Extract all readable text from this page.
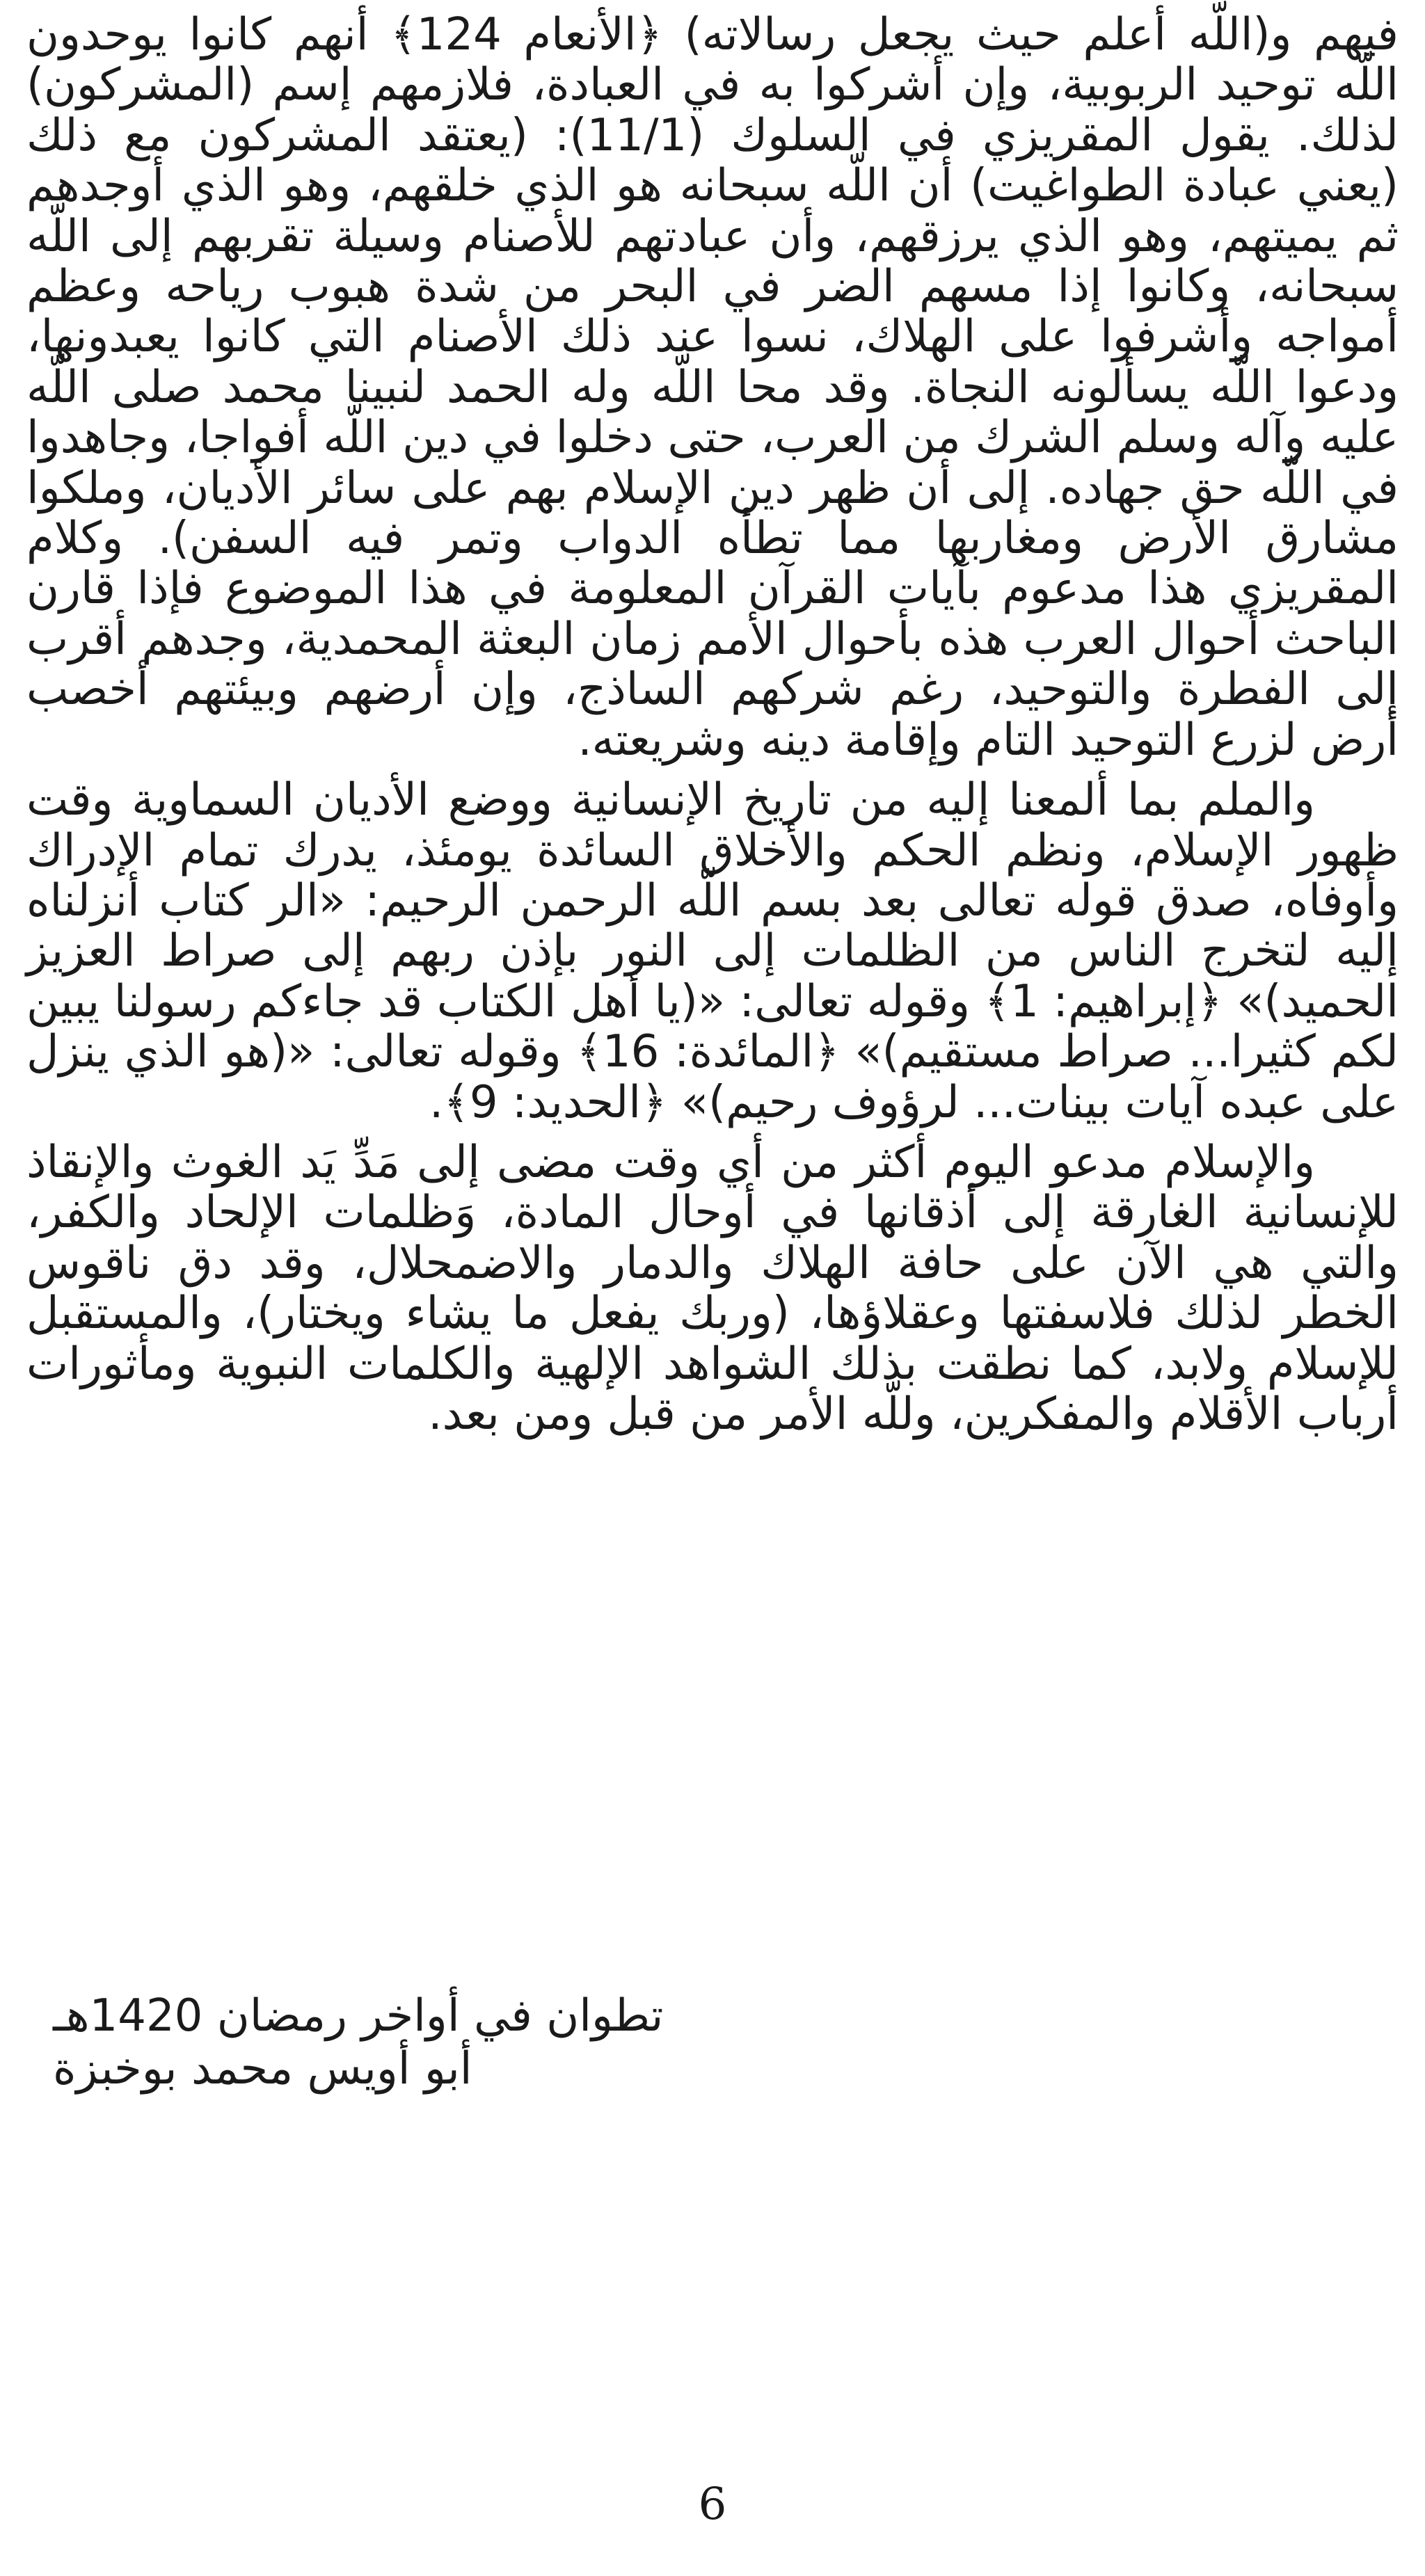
فيهم و(اللّه أعلم حيث يجعل رسالاته) ﴿الأنعام 124﴾ أنهم كانوا يوحدون اللّه توحيد الربوبية، وإن أشركوا به في العبادة، فلازمهم إسم (المشركون) لذلك. يقول المقريزي في السلوك (11/1): (يعتقد المشركون مع ذلك (يعني عبادة الطواغيت) أن اللّه سبحانه هو الذي خلقهم، وهو الذي أوجدهم ثم يميتهم، وهو الذي يرزقهم، وأن عبادتهم للأصنام وسيلة تقربهم إلى اللّه سبحانه، وكانوا إذا مسهم الضر في البحر من شدة هبوب رياحه وعظم أمواجه وأشرفوا على الهلاك، نسوا عند ذلك الأصنام التي كانوا يعبدونها، ودعوا اللّه يسألونه النجاة. وقد محا اللّه وله الحمد لنبينا محمد صلى اللّه عليه وآله وسلم الشرك من العرب، حتى دخلوا في دين اللّه أفواجا، وجاهدوا في اللّه حق جهاده. إلى أن ظهر دين الإسلام بهم على سائر الأديان، وملكوا مشارق الأرض ومغاربها مما تطأه الدواب وتمر فيه السفن). وكلام المقريزي هذا مدعوم بآيات القرآن المعلومة في هذا الموضوع فإذا قارن الباحث أحوال العرب هذه بأحوال الأمم زمان البعثة المحمدية، وجدهم أقرب إلى الفطرة والتوحيد، رغم شركهم الساذج، وإن أرضهم وبيئتهم أخصب أرض لزرع التوحيد التام وإقامة دينه وشريعته.

والملم بما ألمعنا إليه من تاريخ الإنسانية ووضع الأديان السماوية وقت ظهور الإسلام، ونظم الحكم والأخلاق السائدة يومئذ، يدرك تمام الإدراك وأوفاه، صدق قوله تعالى بعد بسم اللّه الرحمن الرحيم: «الر كتاب أنزلناه إليه لتخرج الناس من الظلمات إلى النور بإذن ربهم إلى صراط العزيز الحميد)» ﴿إبراهيم: 1﴾ وقوله تعالى: «(يا أهل الكتاب قد جاءكم رسولنا يبين لكم كثيرا... صراط مستقيم)» ﴿المائدة: 16﴾ وقوله تعالى: «(هو الذي ينزل على عبده آيات بينات... لرؤوف رحيم)» ﴿الحديد: 9﴾.

والإسلام مدعو اليوم أكثر من أي وقت مضى إلى مَدِّ يَد الغوث والإنقاذ للإنسانية الغارقة إلى أذقانها في أوحال المادة، وَظلمات الإلحاد والكفر، والتي هي الآن على حافة الهلاك والدمار والاضمحلال، وقد دق ناقوس الخطر لذلك فلاسفتها وعقلاؤها، (وربك يفعل ما يشاء ويختار)، والمستقبل للإسلام ولابد، كما نطقت بذلك الشواهد الإلهية والكلمات النبوية ومأثورات أرباب الأقلام والمفكرين، وللّه الأمر من قبل ومن بعد.

تطوان في أواخر رمضان 1420هـ
أبو أويس محمد بوخبزة
6
